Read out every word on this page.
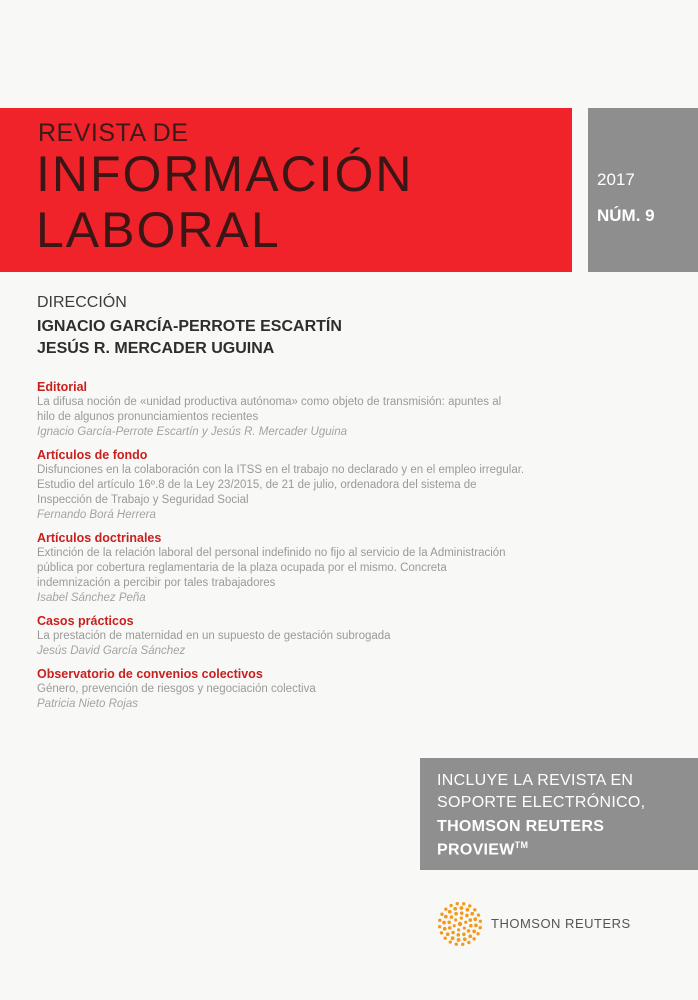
REVISTA DE
INFORMACIÓN
LABORAL
2017
NÚM. 9
DIRECCIÓN
IGNACIO GARCÍA-PERROTE ESCARTÍN
JESÚS R. MERCADER UGUINA
Editorial
La difusa noción de «unidad productiva autónoma» como objeto de transmisión: apuntes al
hilo de algunos pronunciamientos recientes
Ignacio García-Perrote Escartín y Jesús R. Mercader Uguina
Artículos de fondo
Disfunciones en la colaboración con la ITSS en el trabajo no declarado y en el empleo irregular.
Estudio del artículo 16º.8 de la Ley 23/2015, de 21 de julio, ordenadora del sistema de
Inspección de Trabajo y Seguridad Social
Fernando Borá Herrera
Artículos doctrinales
Extinción de la relación laboral del personal indefinido no fijo al servicio de la Administración
pública por cobertura reglamentaria de la plaza ocupada por el mismo. Concreta
indemnización a percibir por tales trabajadores
Isabel Sánchez Peña
Casos prácticos
La prestación de maternidad en un supuesto de gestación subrogada
Jesús David García Sánchez
Observatorio de convenios colectivos
Género, prevención de riesgos y negociación colectiva
Patricia Nieto Rojas
INCLUYE LA REVISTA EN
SOPORTE ELECTRÓNICO,
THOMSON REUTERS
PROVIEW™
THOMSON REUTERS
